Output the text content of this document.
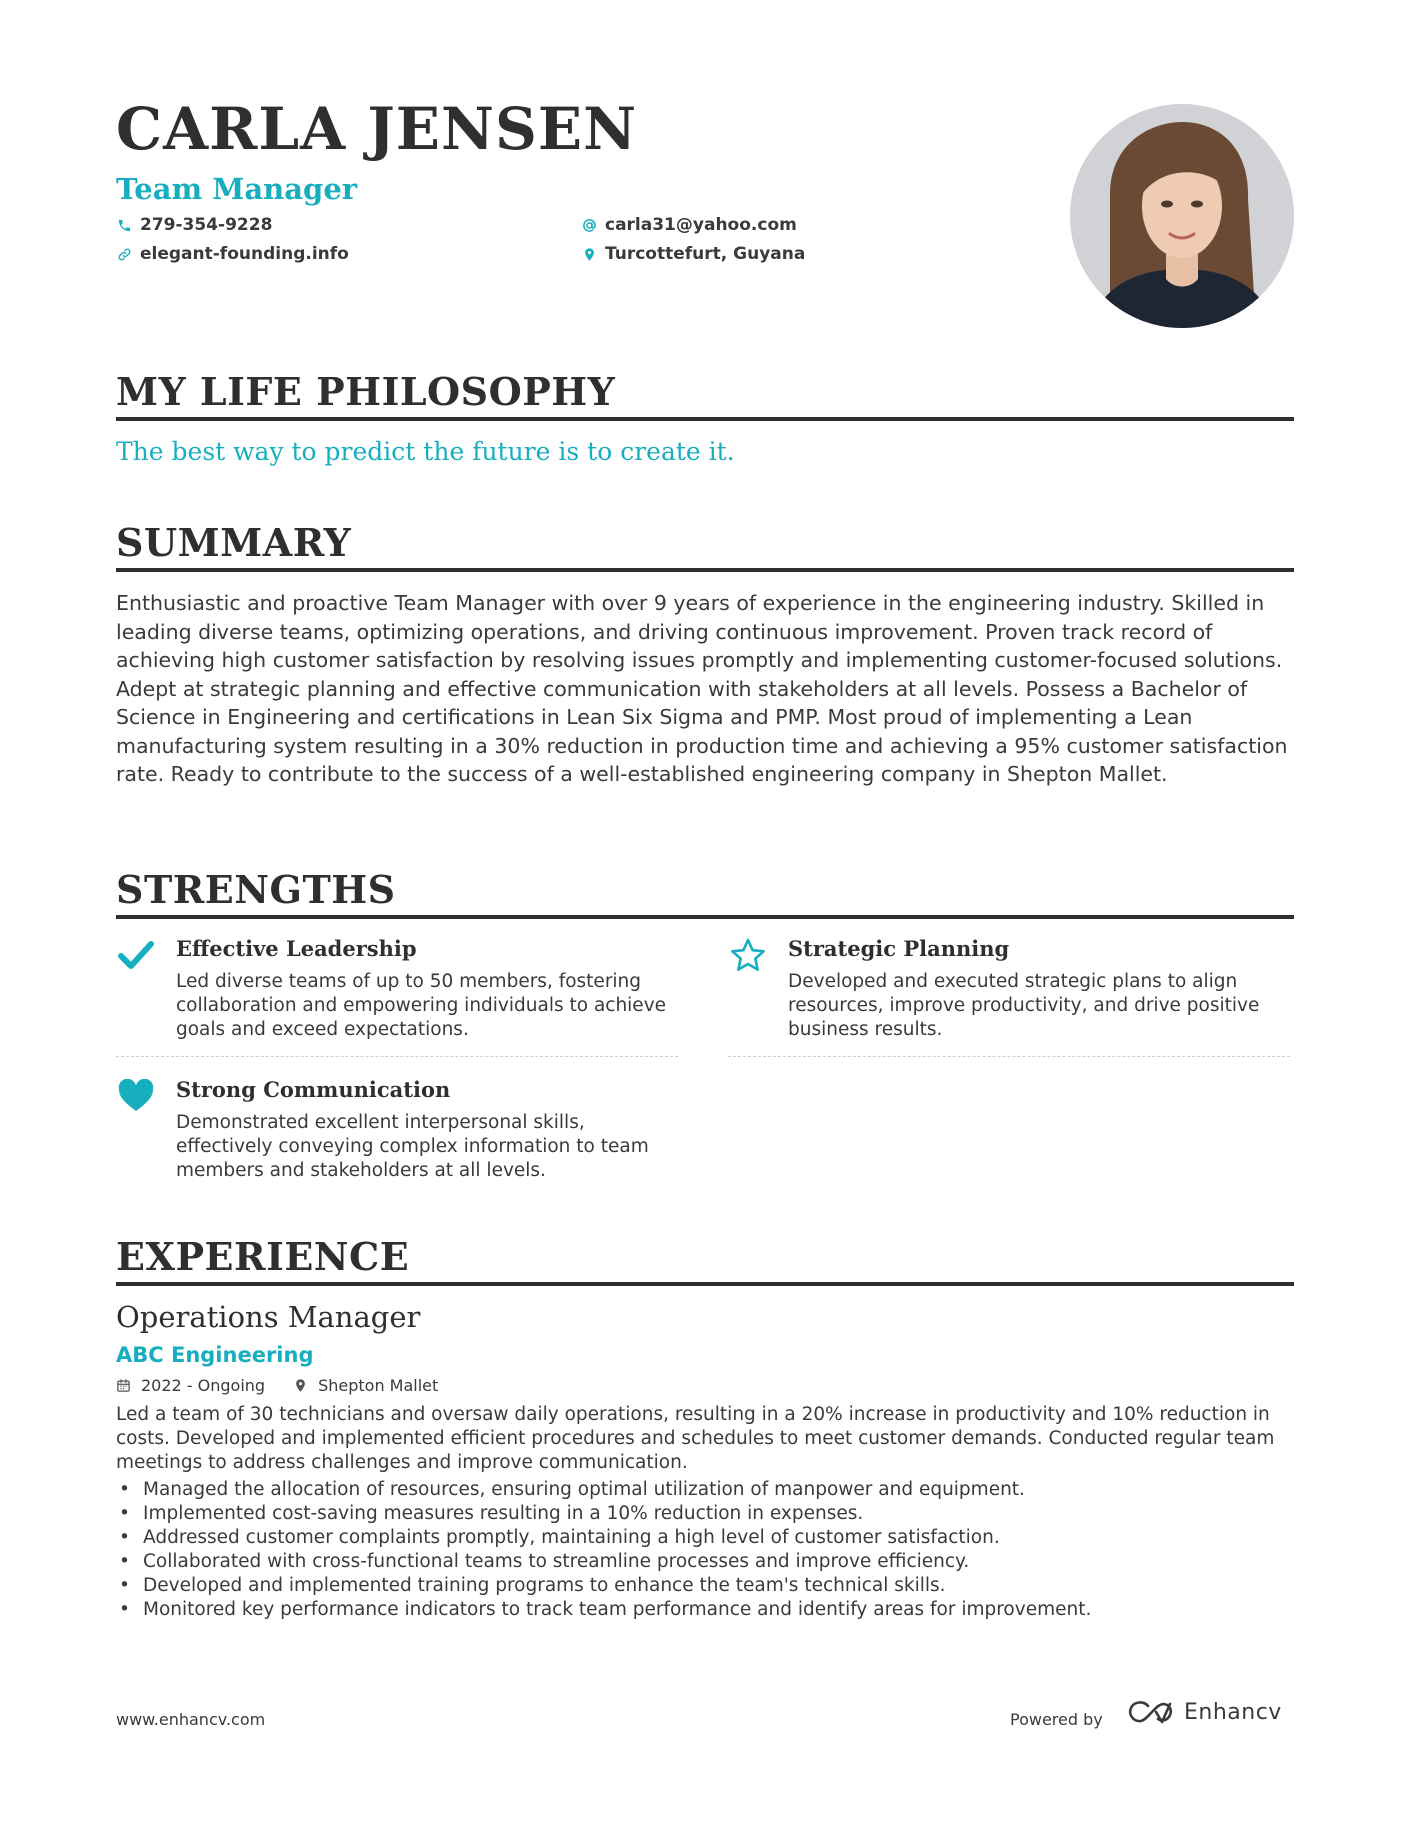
CARLA JENSEN
Team Manager
279-354-9228	carla31@yahoo.com
elegant-founding.info	Turcottefurt, Guyana
MY LIFE PHILOSOPHY
The best way to predict the future is to create it.
SUMMARY
Enthusiastic and proactive Team Manager with over 9 years of experience in the engineering industry. Skilled in leading diverse teams, optimizing operations, and driving continuous improvement. Proven track record of achieving high customer satisfaction by resolving issues promptly and implementing customer-focused solutions. Adept at strategic planning and effective communication with stakeholders at all levels. Possess a Bachelor of Science in Engineering and certifications in Lean Six Sigma and PMP. Most proud of implementing a Lean manufacturing system resulting in a 30% reduction in production time and achieving a 95% customer satisfaction rate. Ready to contribute to the success of a well-established engineering company in Shepton Mallet.
STRENGTHS
Effective Leadership
Led diverse teams of up to 50 members, fostering collaboration and empowering individuals to achieve goals and exceed expectations.
Strategic Planning
Developed and executed strategic plans to align resources, improve productivity, and drive positive business results.
Strong Communication
Demonstrated excellent interpersonal skills, effectively conveying complex information to team members and stakeholders at all levels.
EXPERIENCE
Operations Manager
ABC Engineering
2022 - Ongoing	Shepton Mallet
Led a team of 30 technicians and oversaw daily operations, resulting in a 20% increase in productivity and 10% reduction in costs. Developed and implemented efficient procedures and schedules to meet customer demands. Conducted regular team meetings to address challenges and improve communication.
• Managed the allocation of resources, ensuring optimal utilization of manpower and equipment.
• Implemented cost-saving measures resulting in a 10% reduction in expenses.
• Addressed customer complaints promptly, maintaining a high level of customer satisfaction.
• Collaborated with cross-functional teams to streamline processes and improve efficiency.
• Developed and implemented training programs to enhance the team's technical skills.
• Monitored key performance indicators to track team performance and identify areas for improvement.
www.enhancv.com	Powered by	Enhancv
